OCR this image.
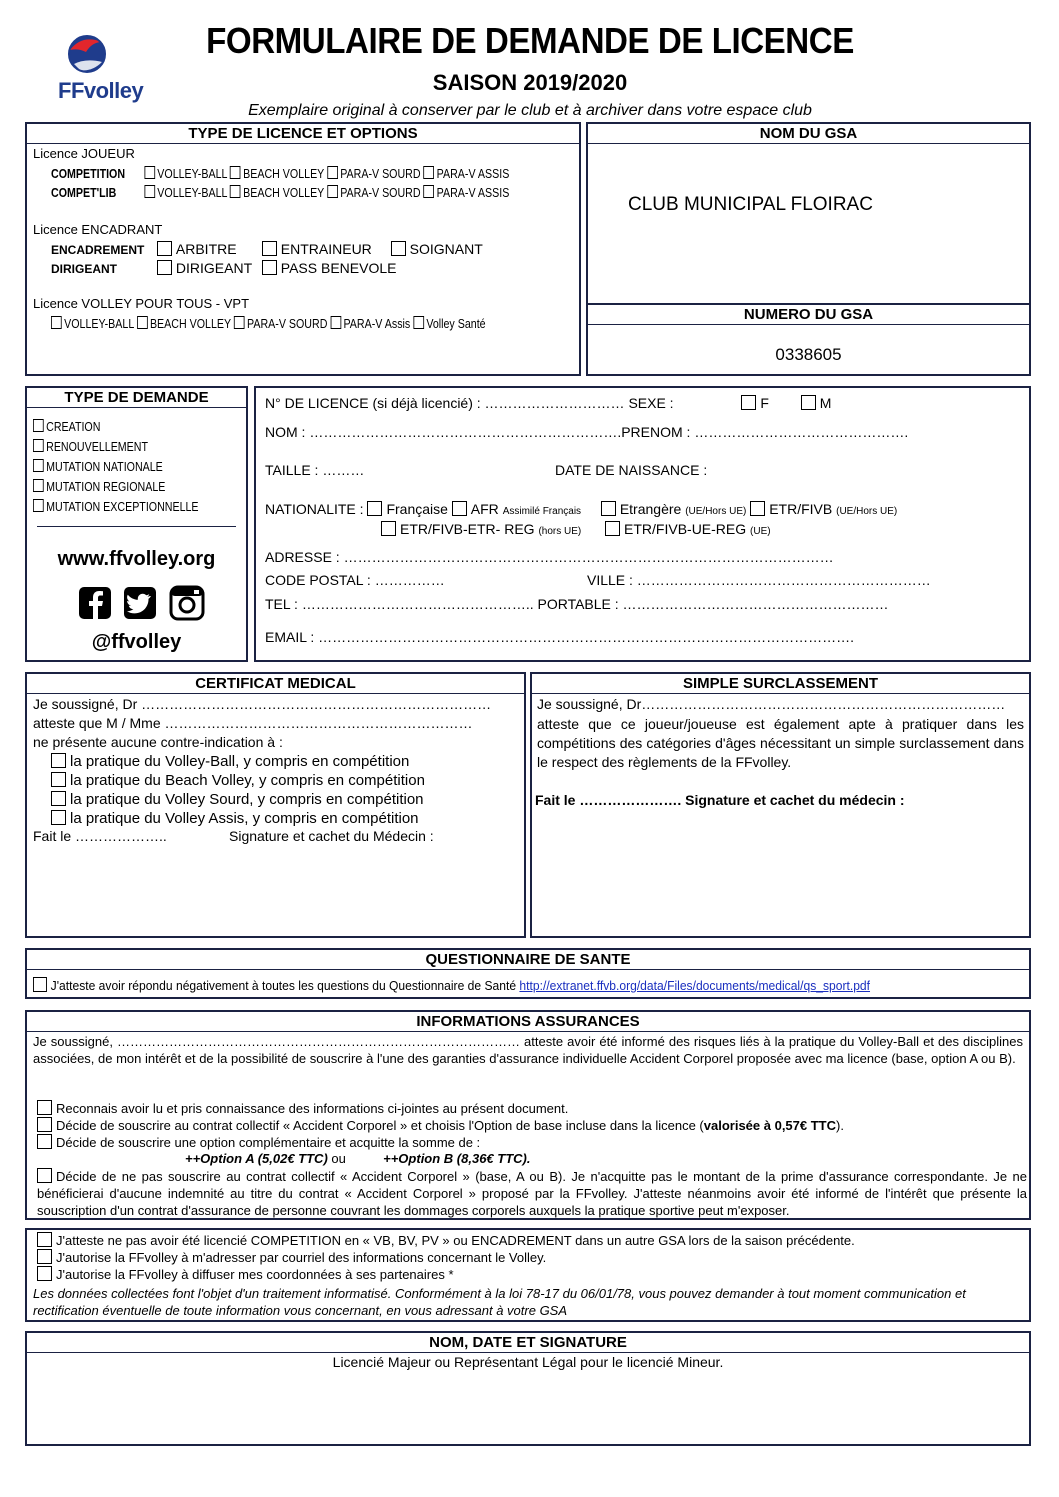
FFvolley
FORMULAIRE DE DEMANDE DE LICENCE
SAISON 2019/2020
Exemplaire original à conserver par le club et à archiver dans votre espace club
TYPE DE LICENCE ET OPTIONS
Licence JOUEUR
COMPETITION VOLLEY-BALL BEACH VOLLEY PARA-V SOURD PARA-V ASSIS
COMPET'LIB	VOLLEY-BALL BEACH VOLLEY PARA-V SOURD PARA-V ASSIS
Licence ENCADRANT
ENCADREMENT ARBITRE	ENTRAINEUR	SOIGNANT
DIRIGEANT	DIRIGEANT PASS BENEVOLE
Licence VOLLEY POUR TOUS - VPT
VOLLEY-BALL BEACH VOLLEY PARA-V SOURD PARA-V Assis Volley Santé
NOM DU GSA
CLUB MUNICIPAL FLOIRAC
NUMERO DU GSA
0338605
TYPE DE DEMANDE
CREATION
RENOUVELLEMENT
MUTATION NATIONALE
MUTATION REGIONALE
MUTATION EXCEPTIONNELLE
www.ffvolley.org
@ffvolley
N° DE LICENCE (si déjà licencié) : ………………………… SEXE :	F	M
NOM : ………………………………………………………….PRENOM : ……………………………………….
TAILLE : ………	DATE DE NAISSANCE :
NATIONALITE : Française AFR Assimilé Français	Etrangère (UE/Hors UE) ETR/FIVB (UE/Hors UE)
ETR/FIVB-ETR- REG (hors UE)	ETR/FIVB-UE-REG (UE)
ADRESSE : ……………………………………………………………………………………………
CODE POSTAL : ……………	VILLE : ………………………………………………………
TEL : ………………………………………….. PORTABLE : …………………………………………………
EMAIL : …………………………………………………………………………………………………….
CERTIFICAT MEDICAL
Je soussigné, Dr …………………………………………………………………
atteste que M / Mme …………………………………………………………
ne présente aucune contre-indication à :
la pratique du Volley-Ball, y compris en compétition
la pratique du Beach Volley, y compris en compétition
la pratique du Volley Sourd, y compris en compétition
la pratique du Volley Assis, y compris en compétition
Fait le ………………..	Signature et cachet du Médecin :
SIMPLE SURCLASSEMENT
Je soussigné, Dr……………………………………………………………………
atteste que ce joueur/joueuse est également apte à pratiquer dans les compétitions des catégories d'âges nécessitant un simple surclassement dans le respect des règlements de la FFvolley.
Fait le …………………. Signature et cachet du médecin :
QUESTIONNAIRE DE SANTE
J'atteste avoir répondu négativement à toutes les questions du Questionnaire de Santé http://extranet.ffvb.org/data/Files/documents/medical/qs_sport.pdf
INFORMATIONS ASSURANCES
Je soussigné, ………………………………………………………………………………… atteste avoir été informé des risques liés à la pratique du Volley-Ball et des disciplines associées, de mon intérêt et de la possibilité de souscrire à l'une des garanties d'assurance individuelle Accident Corporel proposée avec ma licence (base, option A ou B).
Reconnais avoir lu et pris connaissance des informations ci-jointes au présent document.
Décide de souscrire au contrat collectif « Accident Corporel » et choisis l'Option de base incluse dans la licence (valorisée à 0,57€ TTC).
Décide de souscrire une option complémentaire et acquitte la somme de :
++Option A (5,02€ TTC) ou	++Option B (8,36€ TTC).
Décide de ne pas souscrire au contrat collectif « Accident Corporel » (base, A ou B). Je n'acquitte pas le montant de la prime d'assurance correspondante. Je ne bénéficierai d'aucune indemnité au titre du contrat « Accident Corporel » proposé par la FFvolley. J'atteste néanmoins avoir été informé de l'intérêt que présente la souscription d'un contrat d'assurance de personne couvrant les dommages corporels auxquels la pratique sportive peut m'exposer.
J'atteste ne pas avoir été licencié COMPETITION en « VB, BV, PV » ou ENCADREMENT dans un autre GSA lors de la saison précédente.
J'autorise la FFvolley à m'adresser par courriel des informations concernant le Volley.
J'autorise la FFvolley à diffuser mes coordonnées à ses partenaires *
Les données collectées font l'objet d'un traitement informatisé. Conformément à la loi 78-17 du 06/01/78, vous pouvez demander à tout moment communication et rectification éventuelle de toute information vous concernant, en vous adressant à votre GSA
NOM, DATE ET SIGNATURE
Licencié Majeur ou Représentant Légal pour le licencié Mineur.
